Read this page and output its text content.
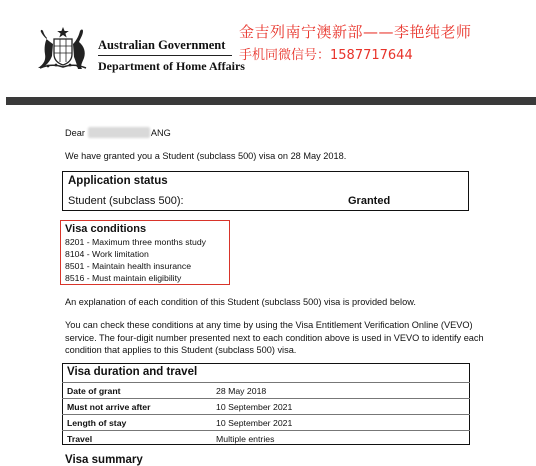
Australian Government
Department of Home Affairs
金吉列南宁澳新部——李艳纯老师
手机同微信号：1587717644
Dear	ANG
We have granted you a Student (subclass 500) visa on 28 May 2018.
Application status
Student (subclass 500):	Granted
Visa conditions
8201 - Maximum three months study
8104 - Work limitation
8501 - Maintain health insurance
8516 - Must maintain eligibility
An explanation of each condition of this Student (subclass 500) visa is provided below.
You can check these conditions at any time by using the Visa Entitlement Verification Online (VEVO) service. The four-digit number presented next to each condition above is used in VEVO to identify each condition that applies to this Student (subclass 500) visa.
Visa duration and travel
Date of grant	28 May 2018
Must not arrive after	10 September 2021
Length of stay	10 September 2021
Travel	Multiple entries
Visa summary
